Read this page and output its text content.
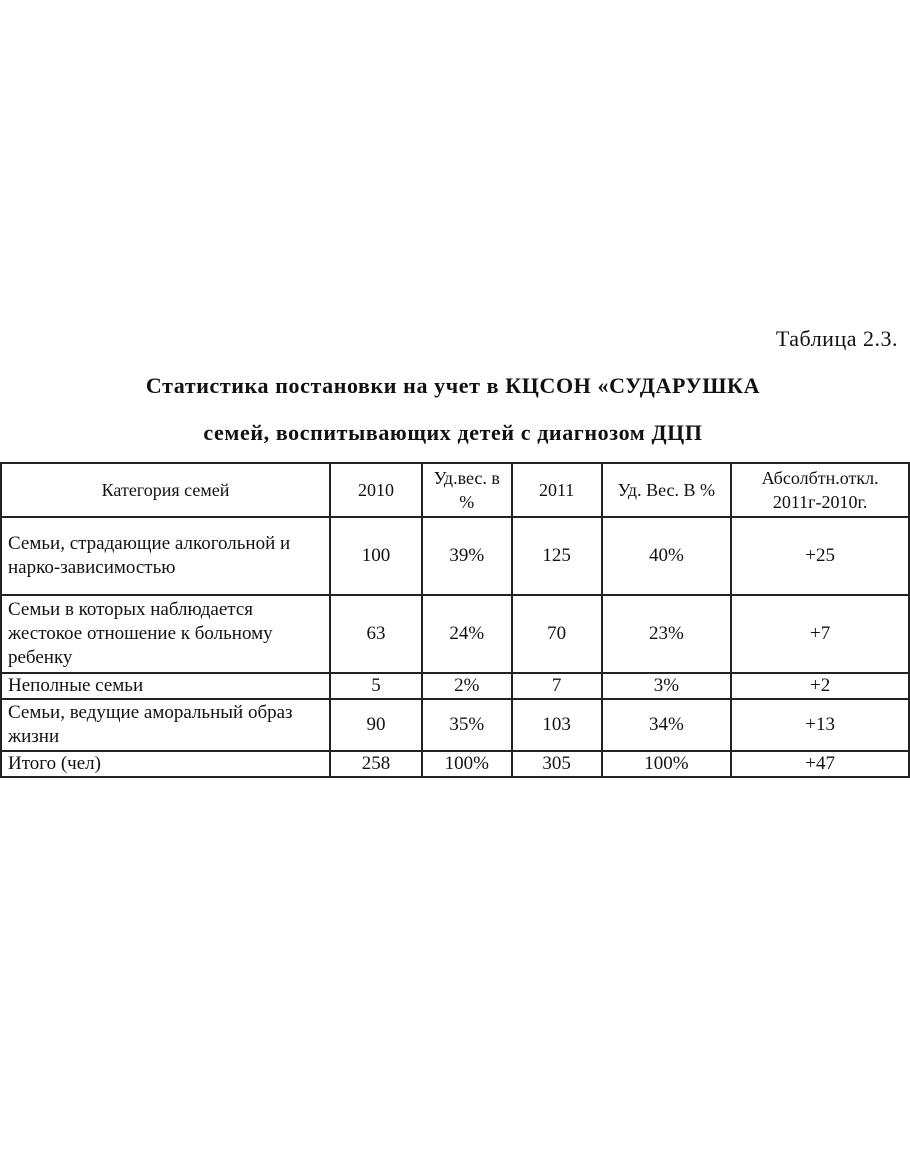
Таблица 2.3.
Статистика постановки на учет в КЦСОН «СУДАРУШКА
семей, воспитывающих детей с диагнозом ДЦП
Категория семей	2010	Уд.вес. в %	2011	Уд. Вес. В %	Абсолбтн.откл. 2011г-2010г.
Семьи, страдающие алкогольной и нарко-зависимостью	100	39%	125	40%	+25
Семьи в которых наблюдается жестокое отношение к больному ребенку	63	24%	70	23%	+7
Неполные семьи	5	2%	7	3%	+2
Семьи, ведущие аморальный образ жизни	90	35%	103	34%	+13
Итого (чел)	258	100%	305	100%	+47
